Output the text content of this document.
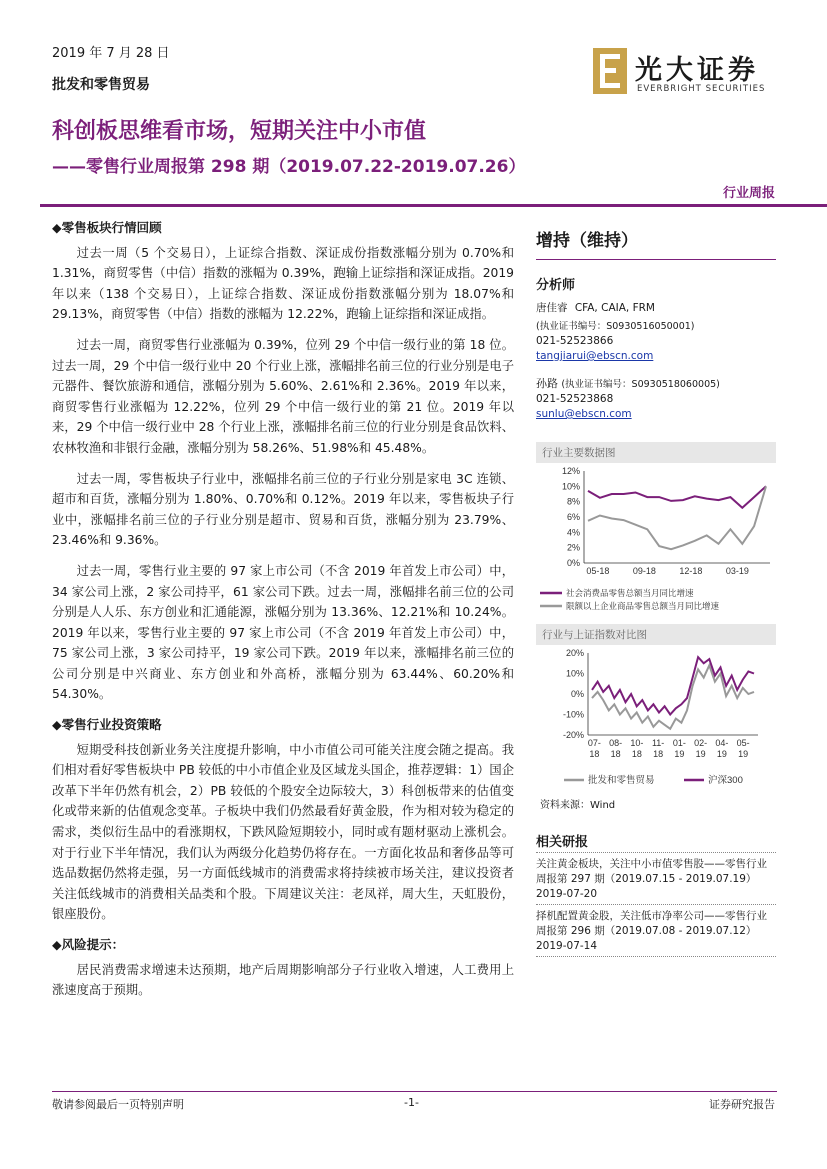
2019 年 7 月 28 日
批发和零售贸易	光大证券
EVERBRIGHT SECURITIES
科创板思维看市场，短期关注中小市值
——零售行业周报第 298 期（2019.07.22-2019.07.26）
行业周报
◆零售板块行情回顾

过去一周（5 个交易日），上证综合指数、深证成份指数涨幅分别为 0.70%和 1.31%，商贸零售（中信）指数的涨幅为 0.39%，跑输上证综指和深证成指。2019 年以来（138 个交易日），上证综合指数、深证成份指数涨幅分别为 18.07%和 29.13%，商贸零售（中信）指数的涨幅为 12.22%，跑输上证综指和深证成指。

过去一周，商贸零售行业涨幅为 0.39%，位列 29 个中信一级行业的第 18 位。过去一周，29 个中信一级行业中 20 个行业上涨，涨幅排名前三位的行业分别是电子元器件、餐饮旅游和通信，涨幅分别为 5.60%、2.61%和 2.36%。2019 年以来，商贸零售行业涨幅为 12.22%，位列 29 个中信一级行业的第 21 位。2019 年以来，29 个中信一级行业中 28 个行业上涨，涨幅排名前三位的行业分别是食品饮料、农林牧渔和非银行金融，涨幅分别为 58.26%、51.98%和 45.48%。

过去一周，零售板块子行业中，涨幅排名前三位的子行业分别是家电 3C 连锁、超市和百货，涨幅分别为 1.80%、0.70%和 0.12%。2019 年以来，零售板块子行业中，涨幅排名前三位的子行业分别是超市、贸易和百货，涨幅分别为 23.79%、23.46%和 9.36%。

过去一周，零售行业主要的 97 家上市公司（不含 2019 年首发上市公司）中，34 家公司上涨，2 家公司持平，61 家公司下跌。过去一周，涨幅排名前三位的公司分别是人人乐、东方创业和汇通能源，涨幅分别为 13.36%、12.21%和 10.24%。2019 年以来，零售行业主要的 97 家上市公司（不含 2019 年首发上市公司）中，75 家公司上涨，3 家公司持平，19 家公司下跌。2019 年以来，涨幅排名前三位的公司分别是中兴商业、东方创业和外高桥，涨幅分别为 63.44%、60.20%和 54.30%。

◆零售行业投资策略

短期受科技创新业务关注度提升影响，中小市值公司可能关注度会随之提高。我们相对看好零售板块中 PB 较低的中小市值企业及区域龙头国企，推荐逻辑：1）国企改革下半年仍然有机会，2）PB 较低的个股安全边际较大，3）科创板带来的估值变化或带来新的估值观念变革。子板块中我们仍然最看好黄金股，作为相对较为稳定的需求，类似衍生品中的看涨期权，下跌风险短期较小，同时或有题材驱动上涨机会。对于行业下半年情况，我们认为两级分化趋势仍将存在。一方面化妆品和奢侈品等可选品数据仍然将走强，另一方面低线城市的消费需求将持续被市场关注，建议投资者关注低线城市的消费相关品类和个股。下周建议关注：老凤祥，周大生，天虹股份，银座股份。

◆风险提示：

居民消费需求增速未达预期，地产后周期影响部分子行业收入增速，人工费用上涨速度高于预期。

增持（维持）
分析师
唐佳睿 CFA, CAIA, FRM
(执业证书编号：S0930516050001)
021-52523866
tangjiarui@ebscn.com
孙路 (执业证书编号：S0930518060005)
021-52523868
sunlu@ebscn.com
行业主要数据图
12%
10%
8%
6%
4%
2%
0%
05-18	09-18	12-18	03-19
社会消费品零售总额当月同比增速
限额以上企业商品零售总额当月同比增速
行业与上证指数对比图
20%
10%
0%
-10%
-20%
07-
18
08-
18
10-
18
11-
18
01-
19
02-
19
04-
19
05-
19
批发和零售贸易	沪深300
资料来源：Wind
相关研报
关注黄金板块，关注中小市值零售股——零售行业周报第 297 期（2019.07.15 - 2019.07.19）
2019-07-20
择机配置黄金股，关注低市净率公司——零售行业周报第 296 期（2019.07.08 - 2019.07.12）
2019-07-14
敬请参阅最后一页特别声明	-1-	证券研究报告
